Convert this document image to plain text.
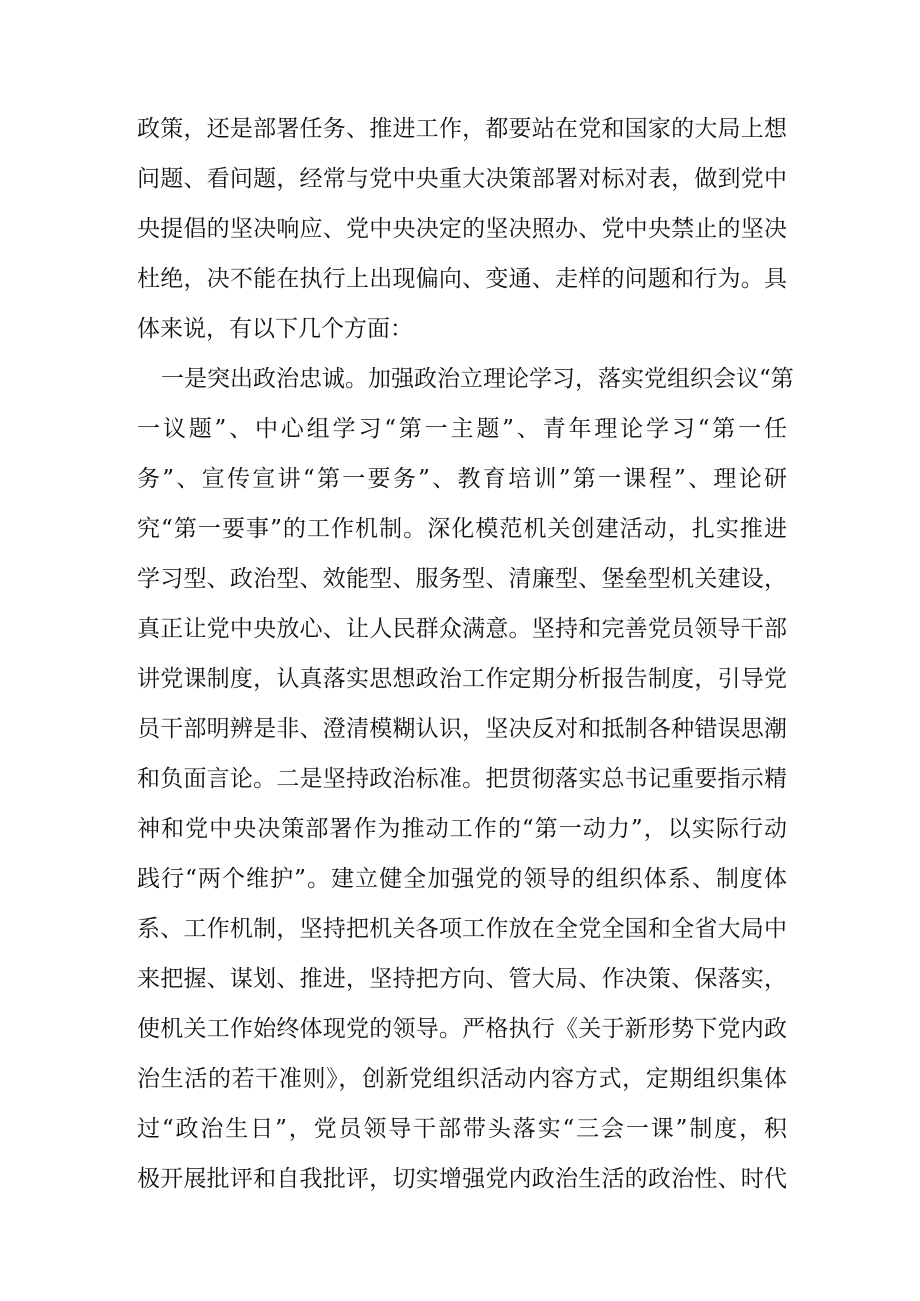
政策，还是部署任务、推进工作，都要站在党和国家的大局上想
问题、看问题，经常与党中央重大决策部署对标对表，做到党中
央提倡的坚决响应、党中央决定的坚决照办、党中央禁止的坚决
杜绝，决不能在执行上出现偏向、变通、走样的问题和行为。具
体来说，有以下几个方面：
一是突出政治忠诚。加强政治立理论学习，落实党组织会议“第
一议题”、中心组学习“第一主题”、青年理论学习“第一任
务”、宣传宣讲“第一要务”、教育培训”第一课程”、理论研
究“第一要事”的工作机制。深化模范机关创建活动，扎实推进
学习型、政治型、效能型、服务型、清廉型、堡垒型机关建设，
真正让党中央放心、让人民群众满意。坚持和完善党员领导干部
讲党课制度，认真落实思想政治工作定期分析报告制度，引导党
员干部明辨是非、澄清模糊认识，坚决反对和抵制各种错误思潮
和负面言论。二是坚持政治标准。把贯彻落实总书记重要指示精
神和党中央决策部署作为推动工作的“第一动力”，以实际行动
践行“两个维护”。建立健全加强党的领导的组织体系、制度体
系、工作机制，坚持把机关各项工作放在全党全国和全省大局中
来把握、谋划、推进，坚持把方向、管大局、作决策、保落实，
使机关工作始终体现党的领导。严格执行《关于新形势下党内政
治生活的若干准则》，创新党组织活动内容方式，定期组织集体
过“政治生日”，党员领导干部带头落实“三会一课”制度，积
极开展批评和自我批评，切实增强党内政治生活的政治性、时代
